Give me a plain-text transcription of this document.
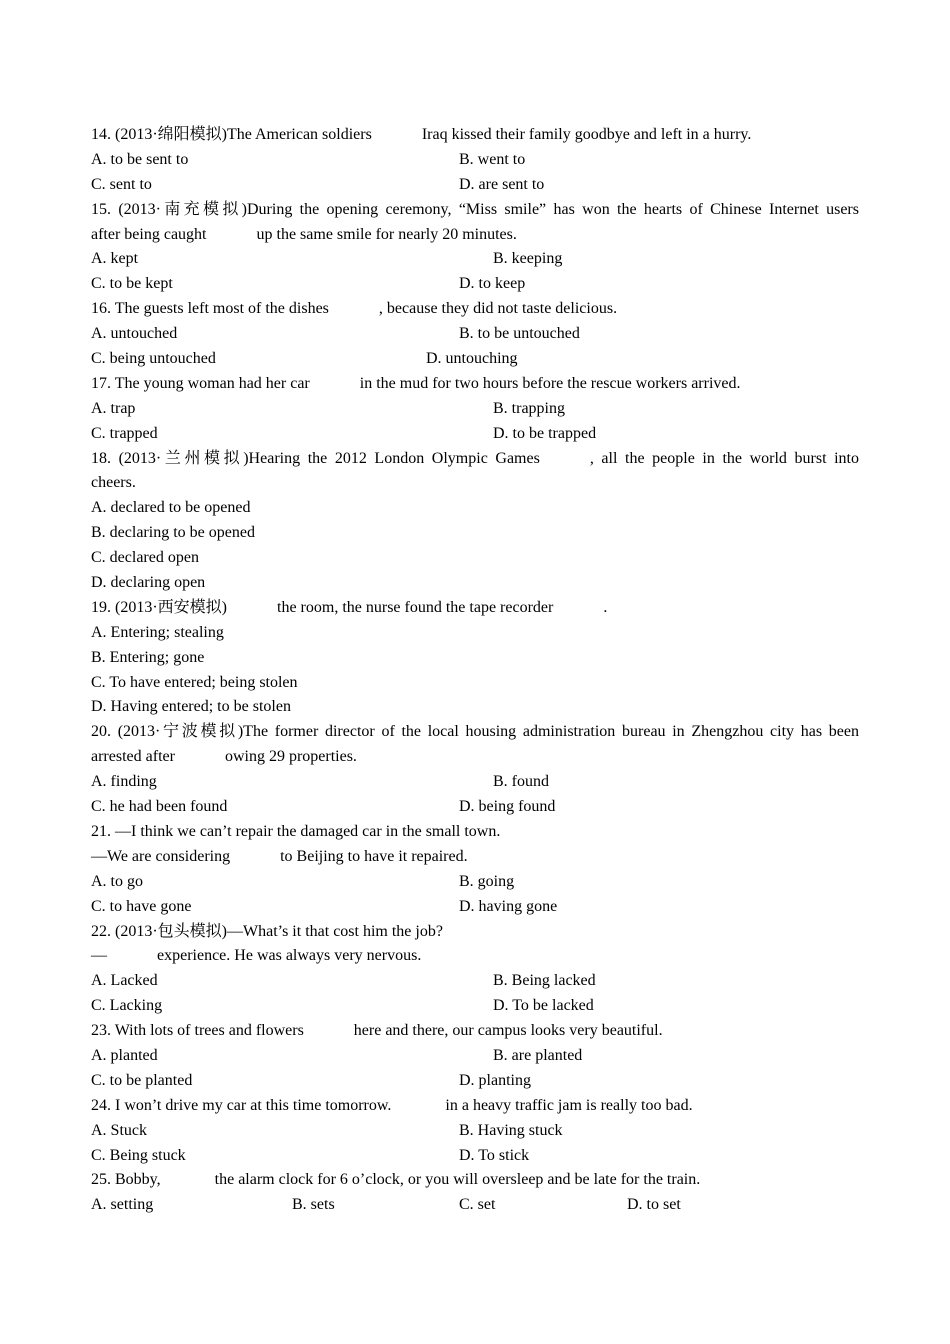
14. (2013·绵阳模拟)The American soldiers	Iraq kissed their family goodbye and left in a hurry.
A. to be sent to	B. went to
C. sent to	D. are sent to
15. (2013·南充模拟)During the opening ceremony, “Miss smile” has won the hearts of Chinese Internet users
after being caught	up the same smile for nearly 20 minutes.
A. kept	B. keeping
C. to be kept	D. to keep
16. The guests left most of the dishes	, because they did not taste delicious.
A. untouched	B. to be untouched
C. being untouched	D. untouching
17. The young woman had her car	in the mud for two hours before the rescue workers arrived.
A. trap	B. trapping
C. trapped	D. to be trapped
18. (2013·兰州模拟)Hearing the 2012 London Olympic Games	, all the people in the world burst into
cheers.
A. declared to be opened
B. declaring to be opened
C. declared open
D. declaring open
19. (2013·西安模拟)	the room, the nurse found the tape recorder	.
A. Entering; stealing
B. Entering; gone
C. To have entered; being stolen
D. Having entered; to be stolen
20. (2013·宁波模拟)The former director of the local housing administration bureau in Zhengzhou city has been
arrested after	owing 29 properties.
A. finding	B. found
C. he had been found	D. being found
21. —I think we can’t repair the damaged car in the small town.
—We are considering	to Beijing to have it repaired.
A. to go	B. going
C. to have gone	D. having gone
22. (2013·包头模拟)—What’s it that cost him the job?
—	experience. He was always very nervous.
A. Lacked	B. Being lacked
C. Lacking	D. To be lacked
23. With lots of trees and flowers	here and there, our campus looks very beautiful.
A. planted	B. are planted
C. to be planted	D. planting
24. I won’t drive my car at this time tomorrow.	in a heavy traffic jam is really too bad.
A. Stuck	B. Having stuck
C. Being stuck	D. To stick
25. Bobby,	the alarm clock for 6 o’clock, or you will oversleep and be late for the train.
A. setting	B. sets	C. set	D. to set
